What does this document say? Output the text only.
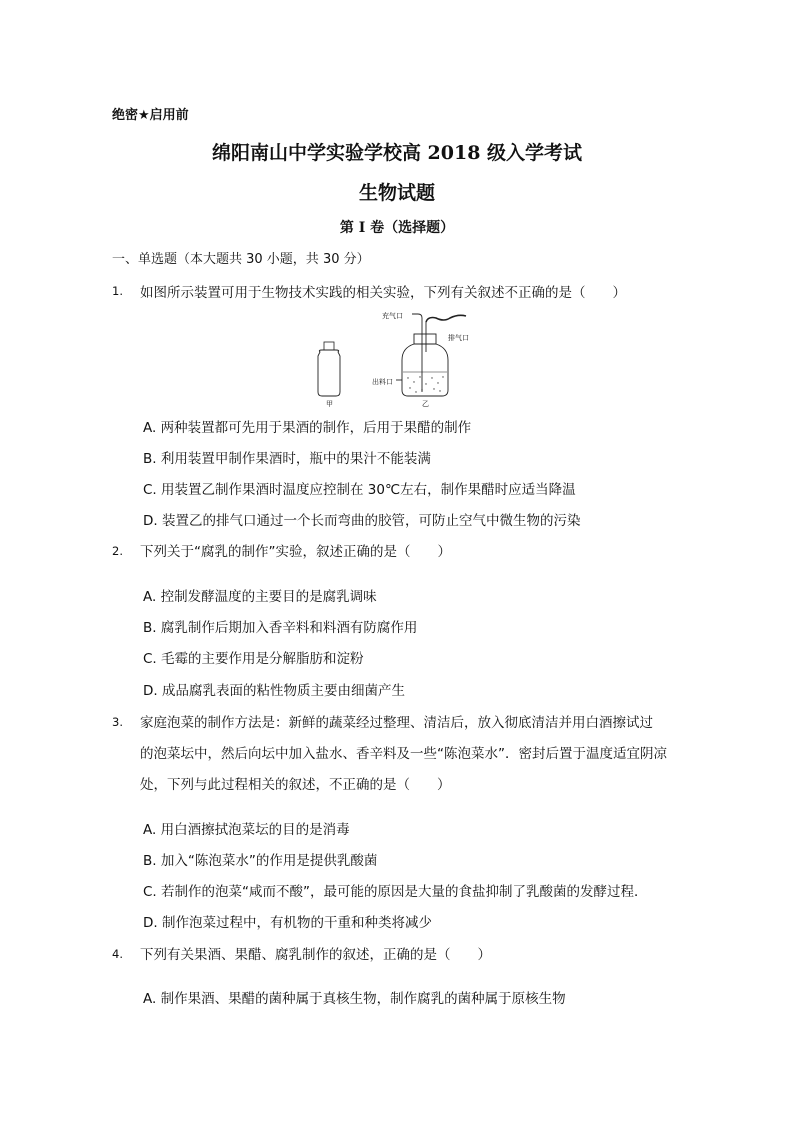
绝密★启用前
绵阳南山中学实验学校高 2018 级入学考试
生物试题
第 I 卷（选择题）
一、单选题（本大题共 30 小题，共 30 分）
1.	如图所示装置可用于生物技术实践的相关实验，下列有关叙述不正确的是（　　）
甲
充气口
排气口
出料口
乙
A. 两种装置都可先用于果酒的制作，后用于果醋的制作
B. 利用装置甲制作果酒时，瓶中的果汁不能装满
C. 用装置乙制作果酒时温度应控制在 30℃左右，制作果醋时应适当降温
D. 装置乙的排气口通过一个长而弯曲的胶管，可防止空气中微生物的污染
2.	下列关于“腐乳的制作”实验，叙述正确的是（　　）
A. 控制发酵温度的主要目的是腐乳调味
B. 腐乳制作后期加入香辛料和料酒有防腐作用
C. 毛霉的主要作用是分解脂肪和淀粉
D. 成品腐乳表面的粘性物质主要由细菌产生
3.	家庭泡菜的制作方法是：新鲜的蔬菜经过整理、清洁后，放入彻底清洁并用白酒擦试过
的泡菜坛中，然后向坛中加入盐水、香辛料及一些“陈泡菜水”．密封后置于温度适宜阴凉
处，下列与此过程相关的叙述，不正确的是（　　）
A. 用白酒擦拭泡菜坛的目的是消毒
B. 加入“陈泡菜水”的作用是提供乳酸菌
C. 若制作的泡菜“咸而不酸”，最可能的原因是大量的食盐抑制了乳酸菌的发酵过程．
D. 制作泡菜过程中，有机物的干重和种类将减少
4.	下列有关果酒、果醋、腐乳制作的叙述，正确的是（　　）
A. 制作果酒、果醋的菌种属于真核生物，制作腐乳的菌种属于原核生物
